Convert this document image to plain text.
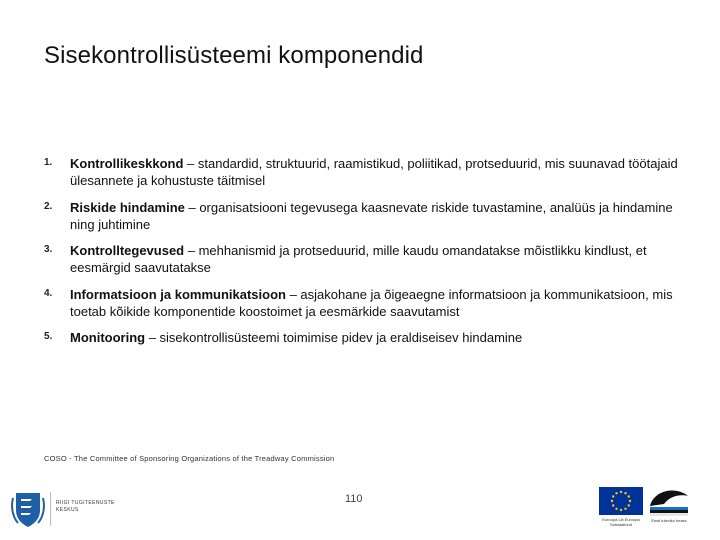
Sisekontrollisüsteemi komponendid
1. Kontrollikeskkond – standardid, struktuurid, raamistikud, poliitikad, protseduurid, mis suunavad töötajaid ülesannete ja kohustuste täitmisel
2. Riskide hindamine – organisatsiooni tegevusega kaasnevate riskide tuvastamine, analüüs ja hindamine ning juhtimine
3. Kontrolltegevused – mehhanismid ja protseduurid, mille kaudu omandatakse mõistlikku kindlust, et eesmärgid saavutatakse
4. Informatsioon ja kommunikatsioon – asjakohane ja õigeaegne informatsioon ja kommunikatsioon, mis toetab kõikide komponentide koostoimet ja eesmärkide saavutamist
5. Monitooring – sisekontrollisüsteemi toimimise pidev ja eraldiseisev hindamine
COSO - The Committee of Sponsoring Organizations of the Treadway Commission
110
RIIGI TUGITEENUSTE
KESKUS
Euroopa Liit Euroopa Sotsiaalfond
Eesti tuleviku heaks
